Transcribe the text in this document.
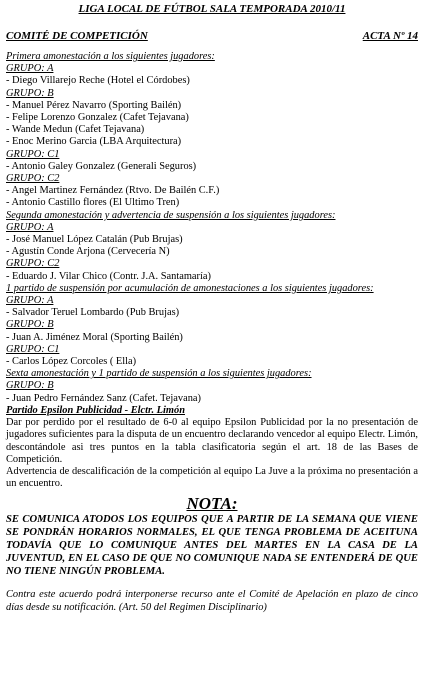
LIGA LOCAL DE FÚTBOL SALA TEMPORADA 2010/11
COMITÉ DE COMPETICIÓN	ACTA Nº 14
Primera amonestación a los siguientes jugadores:
GRUPO: A
- Diego Villarejo Reche (Hotel el Córdobes)
GRUPO: B
- Manuel Pérez Navarro (Sporting Bailén)
- Felipe Lorenzo Gonzalez (Cafet Tejavana)
- Wande Medun (Cafet Tejavana)
- Enoc Merino Garcia (LBA Arquitectura)
GRUPO: C1
- Antonio Galey Gonzalez (Generali Seguros)
GRUPO: C2
- Angel Martinez Fernández (Rtvo. De Bailén C.F.)
- Antonio Castillo flores (El Ultimo Tren)
Segunda amonestación y advertencia de suspensión a los siguientes jugadores:
GRUPO: A
- José Manuel López Catalán (Pub Brujas)
- Agustín Conde Arjona (Cervecería N)
GRUPO: C2
- Eduardo J. Vilar Chico (Contr. J.A. Santamaría)
1 partido de suspensión por acumulación de amonestaciones a los siguientes jugadores:
GRUPO: A
- Salvador Teruel Lombardo (Pub Brujas)
GRUPO: B
- Juan A. Jiménez Moral (Sporting Bailén)
GRUPO: C1
- Carlos López Corcoles ( Ella)
Sexta amonestación y 1 partido de suspensión a los siguientes jugadores:
GRUPO: B
- Juan Pedro Fernández Sanz (Cafet. Tejavana)
Partido Epsilon Publicidad - Elctr. Limón
Dar por perdido por el resultado de 6-0 al equipo Epsilon Publicidad por la no presentación de jugadores suficientes para la disputa de un encuentro declarando vencedor al equipo Electr. Limón, descontándole asi tres puntos en la tabla clasificatoria según el art. 18 de las Bases de Competición.
Advertencia de descalificación de la competición al equipo La Juve a la próxima no presentación a un encuentro.
NOTA:
SE COMUNICA ATODOS LOS EQUIPOS QUE A PARTIR DE LA SEMANA QUE VIENE SE PONDRÁN HORARIOS NORMALES, EL QUE TENGA PROBLEMA DE ACEITUNA TODAVÍA QUE LO COMUNIQUE ANTES DEL MARTES EN LA CASA DE LA JUVENTUD, EN EL CASO DE QUE NO COMUNIQUE NADA SE ENTENDERÁ DE QUE NO TIENE NINGÚN PROBLEMA.
Contra este acuerdo podrá interponerse recurso ante el Comité de Apelación en plazo de cinco días desde su notificación. (Art. 50 del Regimen Disciplinario)
